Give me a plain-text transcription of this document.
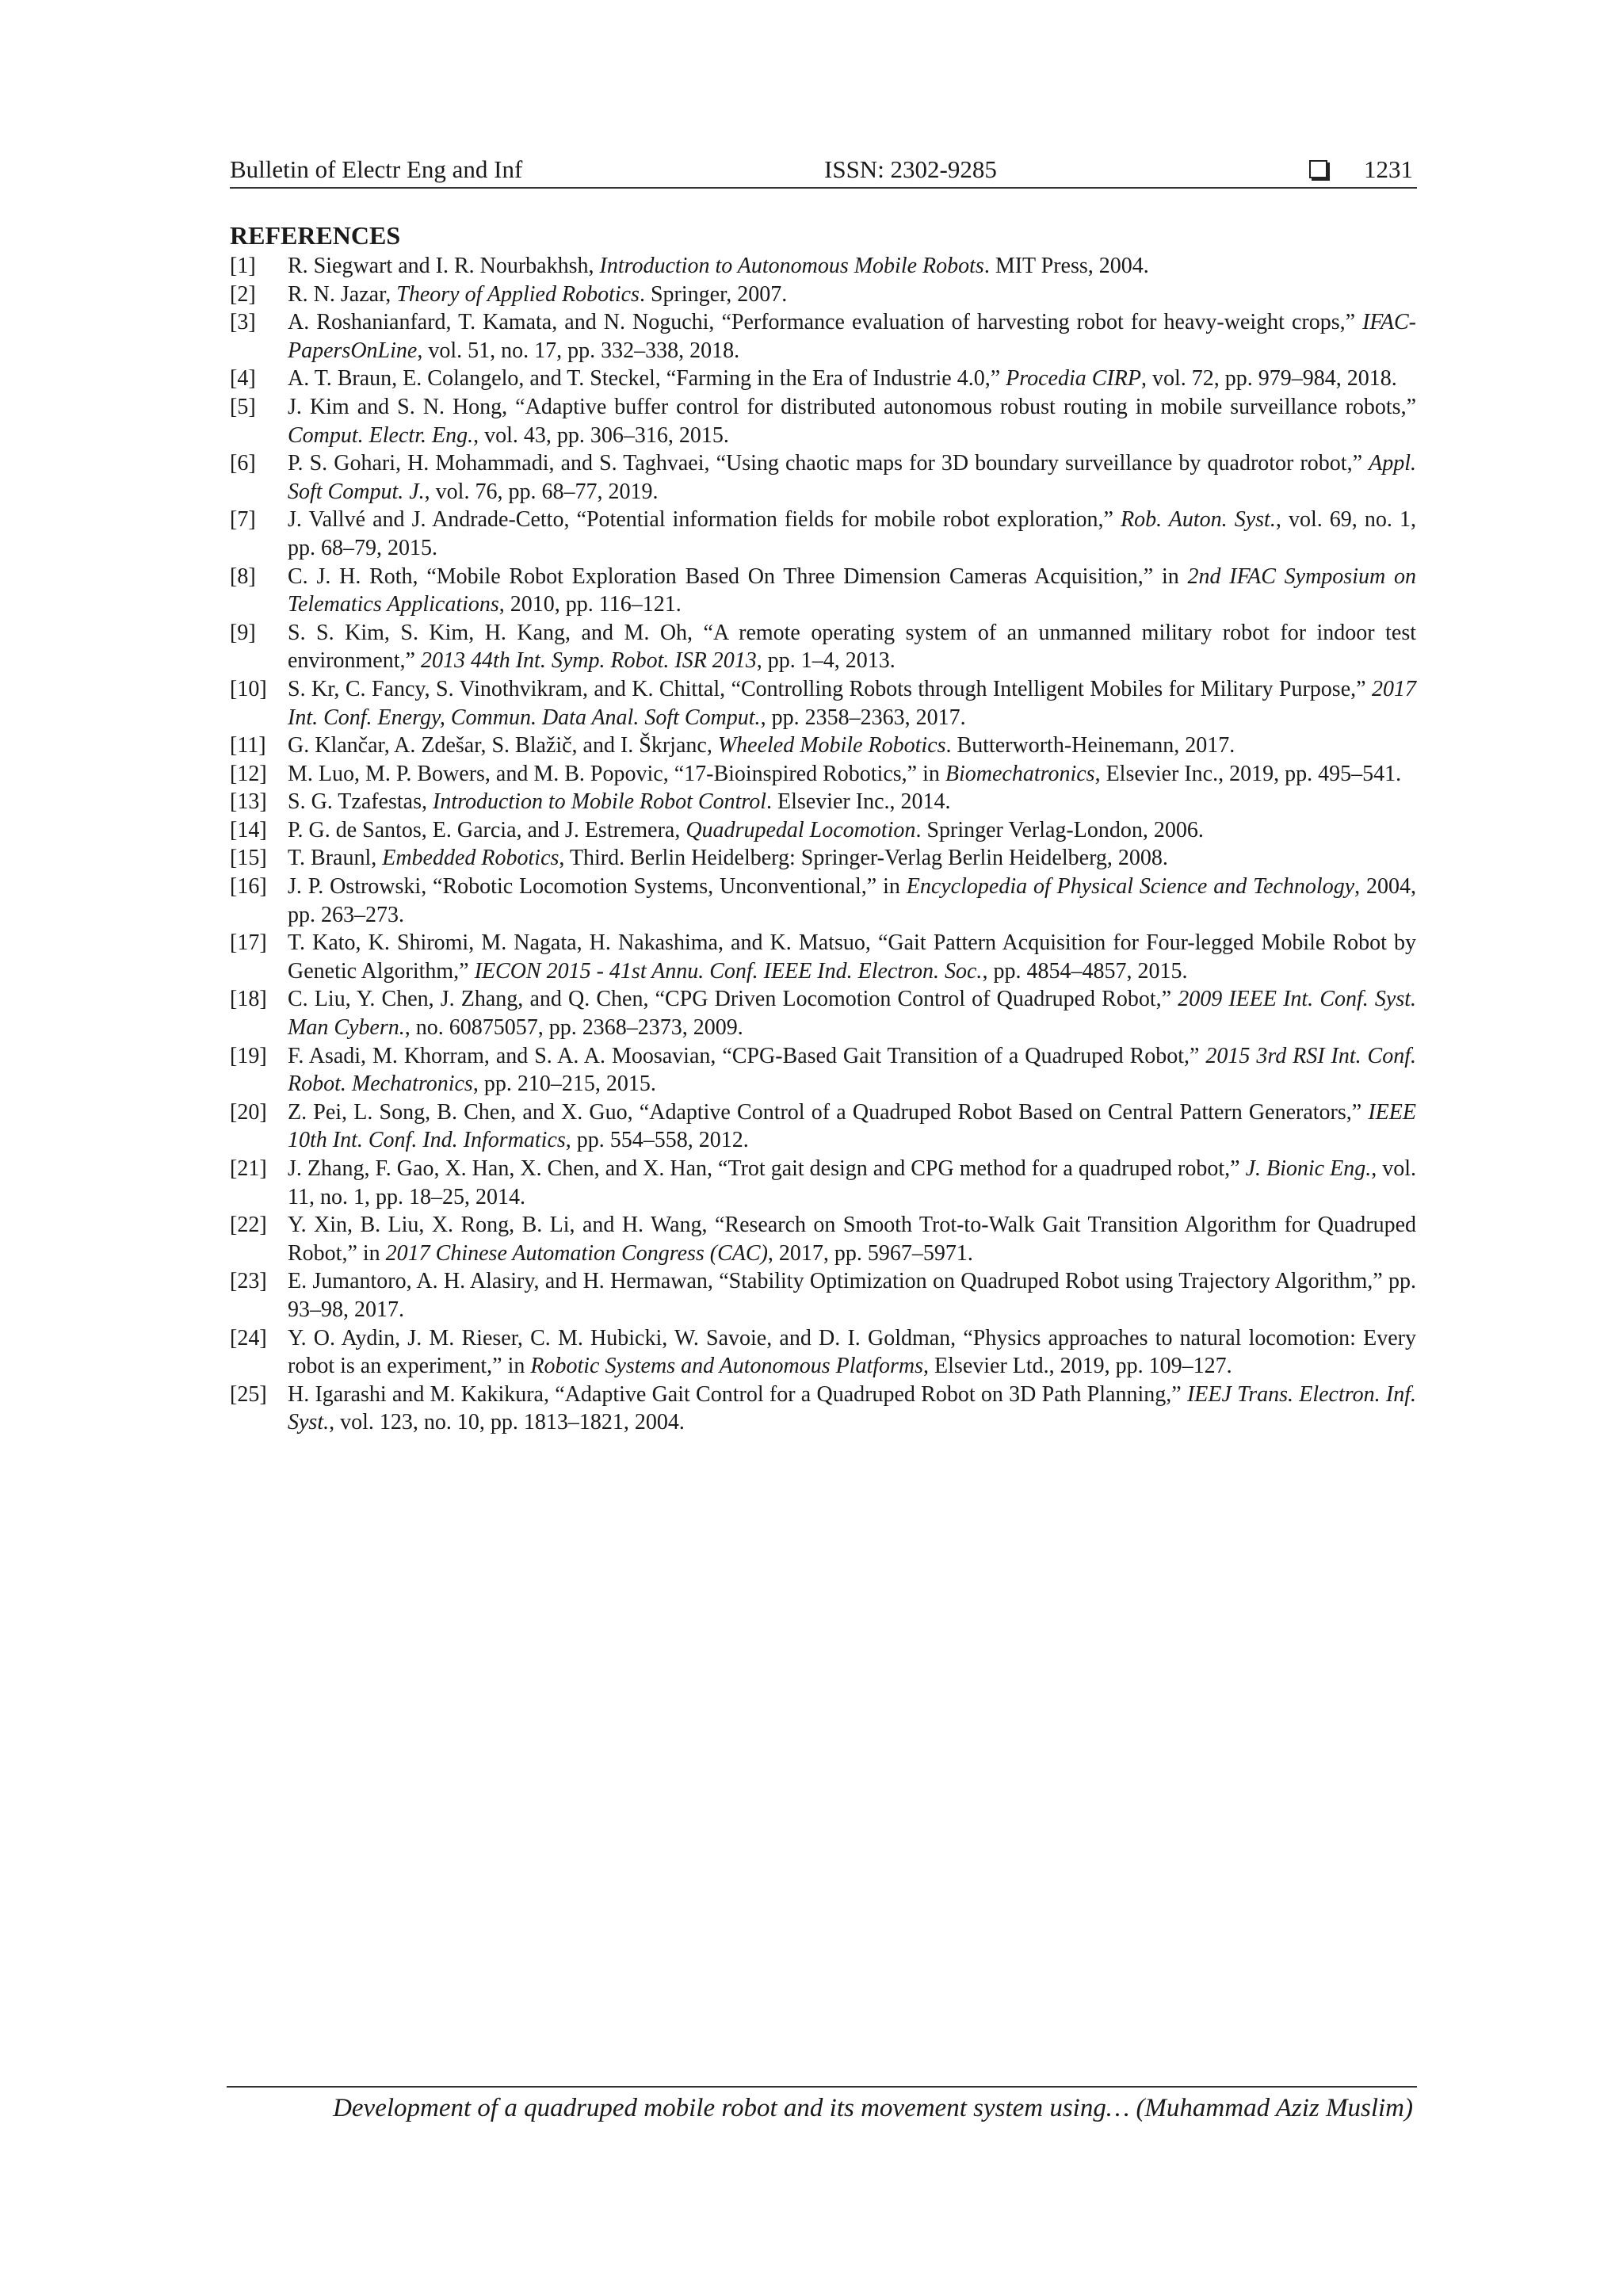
Bulletin of Electr Eng and Inf	ISSN: 2302-9285	1231
REFERENCES

[1] R. Siegwart and I. R. Nourbakhsh, Introduction to Autonomous Mobile Robots. MIT Press, 2004.

[2] R. N. Jazar, Theory of Applied Robotics. Springer, 2007.

[3] A. Roshanianfard, T. Kamata, and N. Noguchi, “Performance evaluation of harvesting robot for heavy-weight crops,” IFAC-PapersOnLine, vol. 51, no. 17, pp. 332–338, 2018.

[4] A. T. Braun, E. Colangelo, and T. Steckel, “Farming in the Era of Industrie 4.0,” Procedia CIRP, vol. 72, pp. 979–984, 2018.

[5] J. Kim and S. N. Hong, “Adaptive buffer control for distributed autonomous robust routing in mobile surveillance robots,” Comput. Electr. Eng., vol. 43, pp. 306–316, 2015.

[6] P. S. Gohari, H. Mohammadi, and S. Taghvaei, “Using chaotic maps for 3D boundary surveillance by quadrotor robot,” Appl. Soft Comput. J., vol. 76, pp. 68–77, 2019.

[7] J. Vallvé and J. Andrade-Cetto, “Potential information fields for mobile robot exploration,” Rob. Auton. Syst., vol. 69, no. 1, pp. 68–79, 2015.

[8] C. J. H. Roth, “Mobile Robot Exploration Based On Three Dimension Cameras Acquisition,” in 2nd IFAC Symposium on Telematics Applications, 2010, pp. 116–121.

[9] S. S. Kim, S. Kim, H. Kang, and M. Oh, “A remote operating system of an unmanned military robot for indoor test environment,” 2013 44th Int. Symp. Robot. ISR 2013, pp. 1–4, 2013.

[10] S. Kr, C. Fancy, S. Vinothvikram, and K. Chittal, “Controlling Robots through Intelligent Mobiles for Military Purpose,” 2017 Int. Conf. Energy, Commun. Data Anal. Soft Comput., pp. 2358–2363, 2017.

[11] G. Klančar, A. Zdešar, S. Blažič, and I. Škrjanc, Wheeled Mobile Robotics. Butterworth-Heinemann, 2017.

[12] M. Luo, M. P. Bowers, and M. B. Popovic, “17-Bioinspired Robotics,” in Biomechatronics, Elsevier Inc., 2019, pp. 495–541.

[13] S. G. Tzafestas, Introduction to Mobile Robot Control. Elsevier Inc., 2014.

[14] P. G. de Santos, E. Garcia, and J. Estremera, Quadrupedal Locomotion. Springer Verlag-London, 2006.

[15] T. Braunl, Embedded Robotics, Third. Berlin Heidelberg: Springer-Verlag Berlin Heidelberg, 2008.

[16] J. P. Ostrowski, “Robotic Locomotion Systems, Unconventional,” in Encyclopedia of Physical Science and Technology, 2004, pp. 263–273.

[17] T. Kato, K. Shiromi, M. Nagata, H. Nakashima, and K. Matsuo, “Gait Pattern Acquisition for Four-legged Mobile Robot by Genetic Algorithm,” IECON 2015 - 41st Annu. Conf. IEEE Ind. Electron. Soc., pp. 4854–4857, 2015.

[18] C. Liu, Y. Chen, J. Zhang, and Q. Chen, “CPG Driven Locomotion Control of Quadruped Robot,” 2009 IEEE Int. Conf. Syst. Man Cybern., no. 60875057, pp. 2368–2373, 2009.

[19] F. Asadi, M. Khorram, and S. A. A. Moosavian, “CPG-Based Gait Transition of a Quadruped Robot,” 2015 3rd RSI Int. Conf. Robot. Mechatronics, pp. 210–215, 2015.

[20] Z. Pei, L. Song, B. Chen, and X. Guo, “Adaptive Control of a Quadruped Robot Based on Central Pattern Generators,” IEEE 10th Int. Conf. Ind. Informatics, pp. 554–558, 2012.

[21] J. Zhang, F. Gao, X. Han, X. Chen, and X. Han, “Trot gait design and CPG method for a quadruped robot,” J. Bionic Eng., vol. 11, no. 1, pp. 18–25, 2014.

[22] Y. Xin, B. Liu, X. Rong, B. Li, and H. Wang, “Research on Smooth Trot-to-Walk Gait Transition Algorithm for Quadruped Robot,” in 2017 Chinese Automation Congress (CAC), 2017, pp. 5967–5971.

[23] E. Jumantoro, A. H. Alasiry, and H. Hermawan, “Stability Optimization on Quadruped Robot using Trajectory Algorithm,” pp. 93–98, 2017.

[24] Y. O. Aydin, J. M. Rieser, C. M. Hubicki, W. Savoie, and D. I. Goldman, “Physics approaches to natural locomotion: Every robot is an experiment,” in Robotic Systems and Autonomous Platforms, Elsevier Ltd., 2019, pp. 109–127.

[25] H. Igarashi and M. Kakikura, “Adaptive Gait Control for a Quadruped Robot on 3D Path Planning,” IEEJ Trans. Electron. Inf. Syst., vol. 123, no. 10, pp. 1813–1821, 2004.

Development of a quadruped mobile robot and its movement system using… (Muhammad Aziz Muslim)
